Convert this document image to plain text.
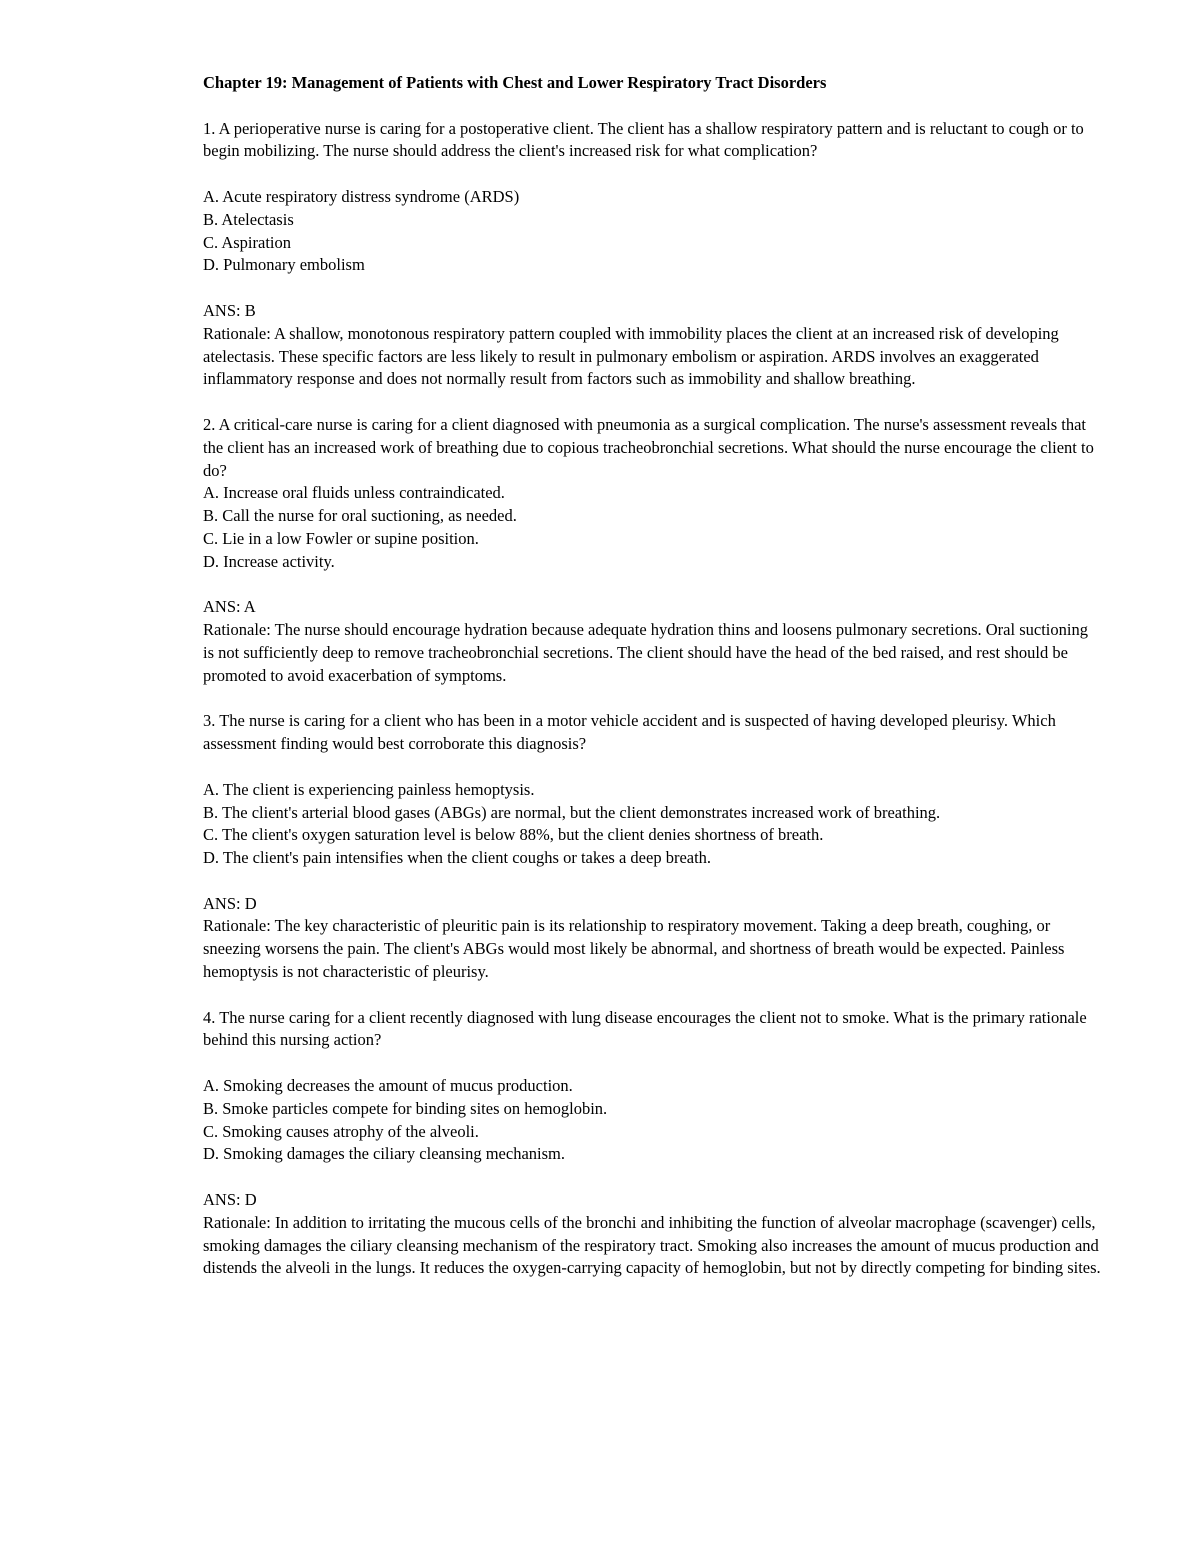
Chapter 19: Management of Patients with Chest and Lower Respiratory Tract Disorders

1. A perioperative nurse is caring for a postoperative client. The client has a shallow respiratory pattern and is reluctant to cough or to begin mobilizing. The nurse should address the client's increased risk for what complication?

A. Acute respiratory distress syndrome (ARDS)
B. Atelectasis
C. Aspiration
D. Pulmonary embolism

ANS: B

Rationale: A shallow, monotonous respiratory pattern coupled with immobility places the client at an increased risk of developing atelectasis. These specific factors are less likely to result in pulmonary embolism or aspiration. ARDS involves an exaggerated inflammatory response and does not normally result from factors such as immobility and shallow breathing.

2. A critical-care nurse is caring for a client diagnosed with pneumonia as a surgical complication. The nurse's assessment reveals that the client has an increased work of breathing due to copious tracheobronchial secretions. What should the nurse encourage the client to do?

A. Increase oral fluids unless contraindicated.
B. Call the nurse for oral suctioning, as needed.
C. Lie in a low Fowler or supine position.
D. Increase activity.

ANS: A

Rationale: The nurse should encourage hydration because adequate hydration thins and loosens pulmonary secretions. Oral suctioning is not sufficiently deep to remove tracheobronchial secretions. The client should have the head of the bed raised, and rest should be promoted to avoid exacerbation of symptoms.

3. The nurse is caring for a client who has been in a motor vehicle accident and is suspected of having developed pleurisy. Which assessment finding would best corroborate this diagnosis?

A. The client is experiencing painless hemoptysis.
B. The client's arterial blood gases (ABGs) are normal, but the client demonstrates increased work of breathing.
C. The client's oxygen saturation level is below 88%, but the client denies shortness of breath.
D. The client's pain intensifies when the client coughs or takes a deep breath.

ANS: D

Rationale: The key characteristic of pleuritic pain is its relationship to respiratory movement. Taking a deep breath, coughing, or sneezing worsens the pain. The client's ABGs would most likely be abnormal, and shortness of breath would be expected. Painless hemoptysis is not characteristic of pleurisy.

4. The nurse caring for a client recently diagnosed with lung disease encourages the client not to smoke. What is the primary rationale behind this nursing action?

A. Smoking decreases the amount of mucus production.
B. Smoke particles compete for binding sites on hemoglobin.
C. Smoking causes atrophy of the alveoli.
D. Smoking damages the ciliary cleansing mechanism.

ANS: D

Rationale: In addition to irritating the mucous cells of the bronchi and inhibiting the function of alveolar macrophage (scavenger) cells, smoking damages the ciliary cleansing mechanism of the respiratory tract. Smoking also increases the amount of mucus production and distends the alveoli in the lungs. It reduces the oxygen-carrying capacity of hemoglobin, but not by directly competing for binding sites.
